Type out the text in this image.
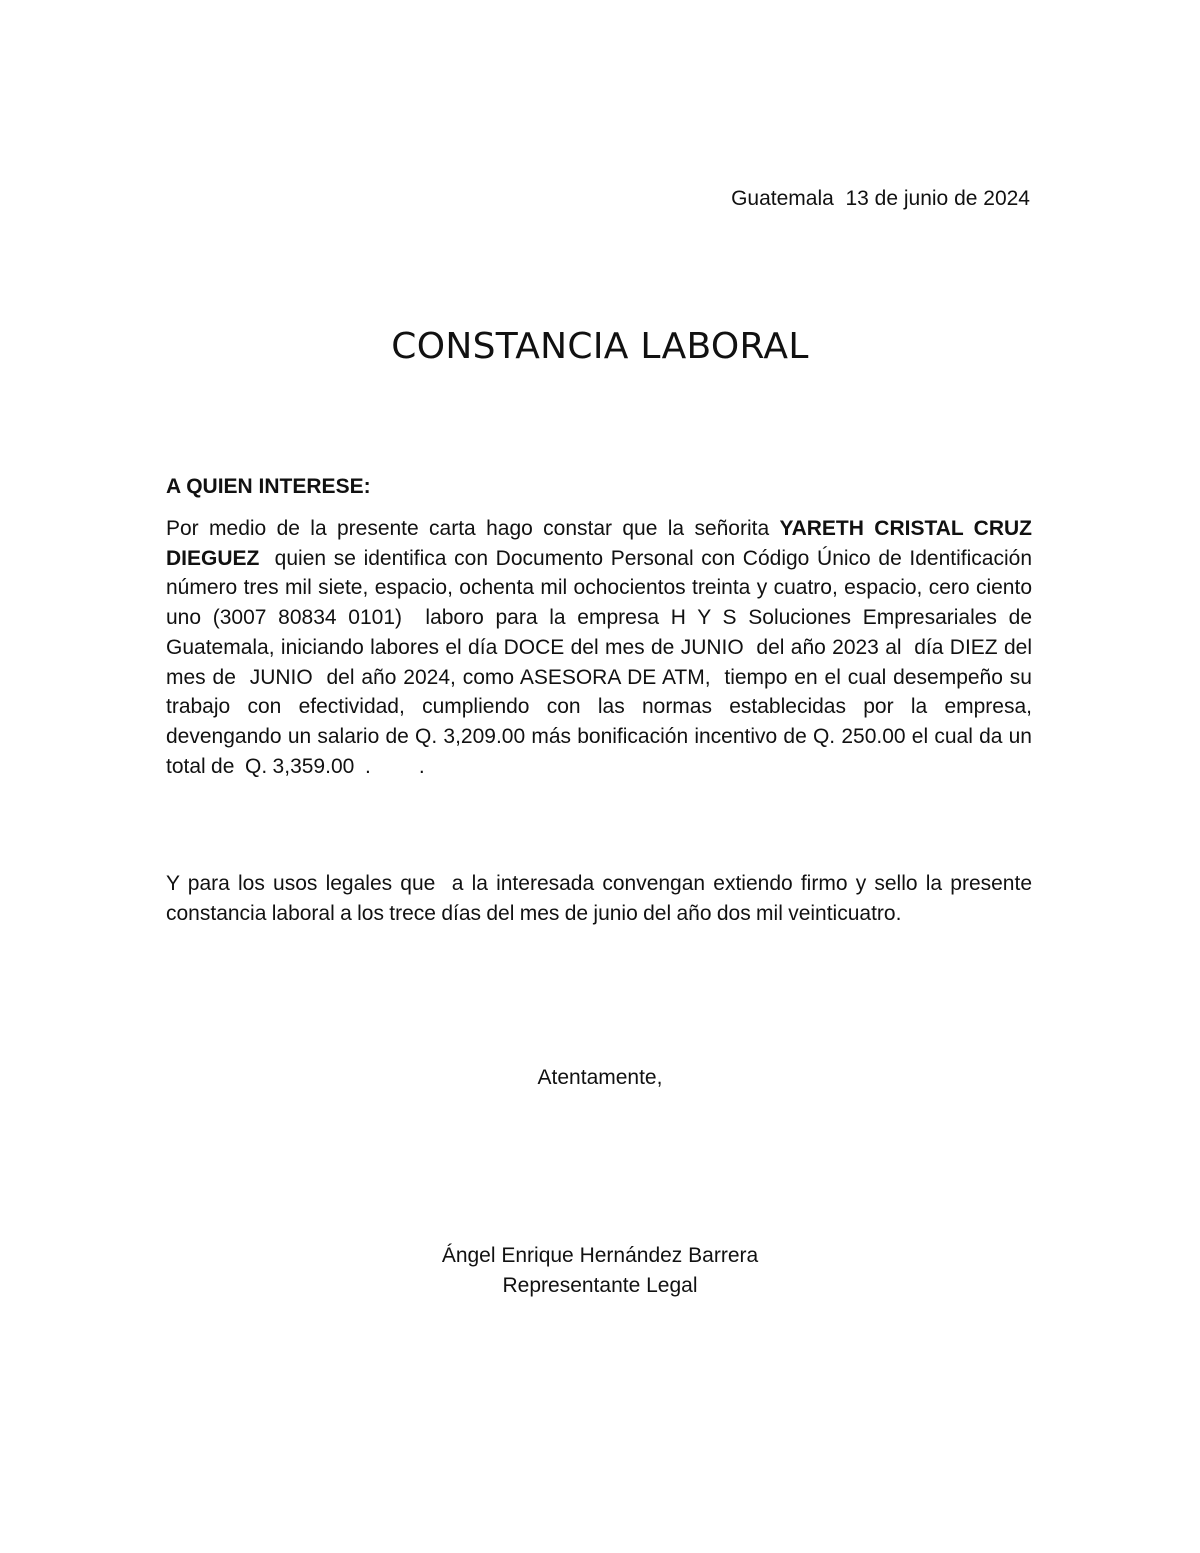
Guatemala  13 de junio de 2024
CONSTANCIA LABORAL
A QUIEN INTERESE:
Por medio de la presente carta hago constar que la señorita YARETH CRISTAL CRUZ DIEGUEZ  quien se identifica con Documento Personal con Código Único de Identificación número tres mil siete, espacio, ochenta mil ochocientos treinta y cuatro, espacio, cero ciento uno (3007 80834 0101)  laboro para la empresa H Y S Soluciones Empresariales de Guatemala, iniciando labores el día DOCE del mes de JUNIO  del año 2023 al  día DIEZ del mes de  JUNIO  del año 2024, como ASESORA DE ATM,  tiempo en el cual desempeño su trabajo con efectividad, cumpliendo con las normas establecidas por la empresa, devengando un salario de Q. 3,209.00 más bonificación incentivo de Q. 250.00 el cual da un total de  Q. 3,359.00  .         .
Y para los usos legales que  a la interesada convengan extiendo firmo y sello la presente constancia laboral a los trece días del mes de junio del año dos mil veinticuatro.
Atentamente,
Ángel Enrique Hernández Barrera
Representante Legal
